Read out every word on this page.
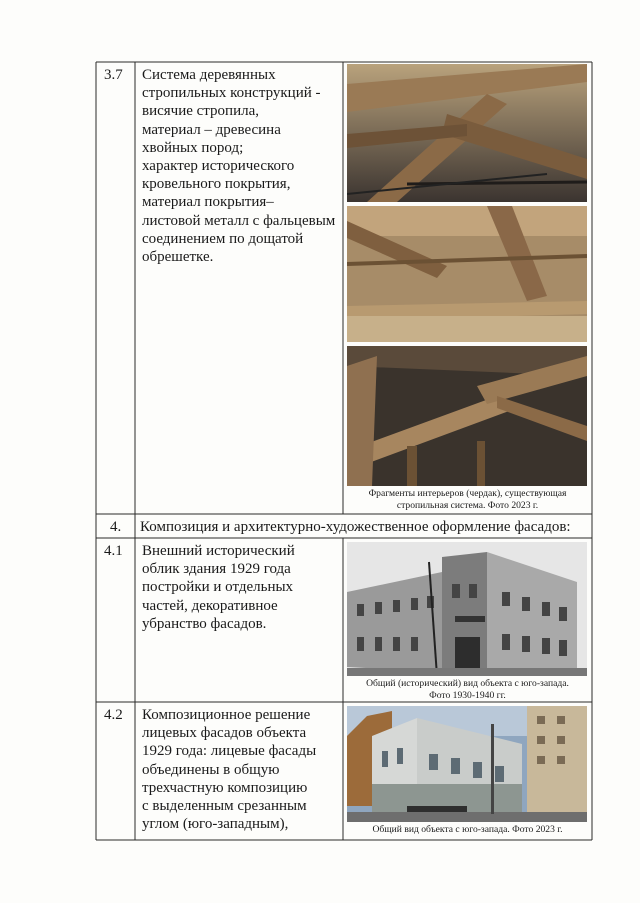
3.7 Система деревянных
стропильных конструкций -
висячие стропила,
материал – древесина
хвойных пород;
характер исторического
кровельного покрытия,
материал покрытия–
листовой металл с фальцевым
соединением по дощатой
обрешетке.
Фрагменты интерьеров (чердак), существующая
стропильная система. Фото 2023 г.
4. Композиция и архитектурно-художественное оформление фасадов:
4.1 Внешний исторический
облик здания 1929 года
постройки и отдельных
частей, декоративное
убранство фасадов.
Общий (исторический) вид объекта с юго-запада.
Фото 1930-1940 гг.
4.2 Композиционное решение
лицевых фасадов объекта
1929 года: лицевые фасады
объединены в общую
трехчастную композицию
с выделенным срезанным
углом (юго-западным),	Общий вид объекта с юго-запада. Фото 2023 г.
